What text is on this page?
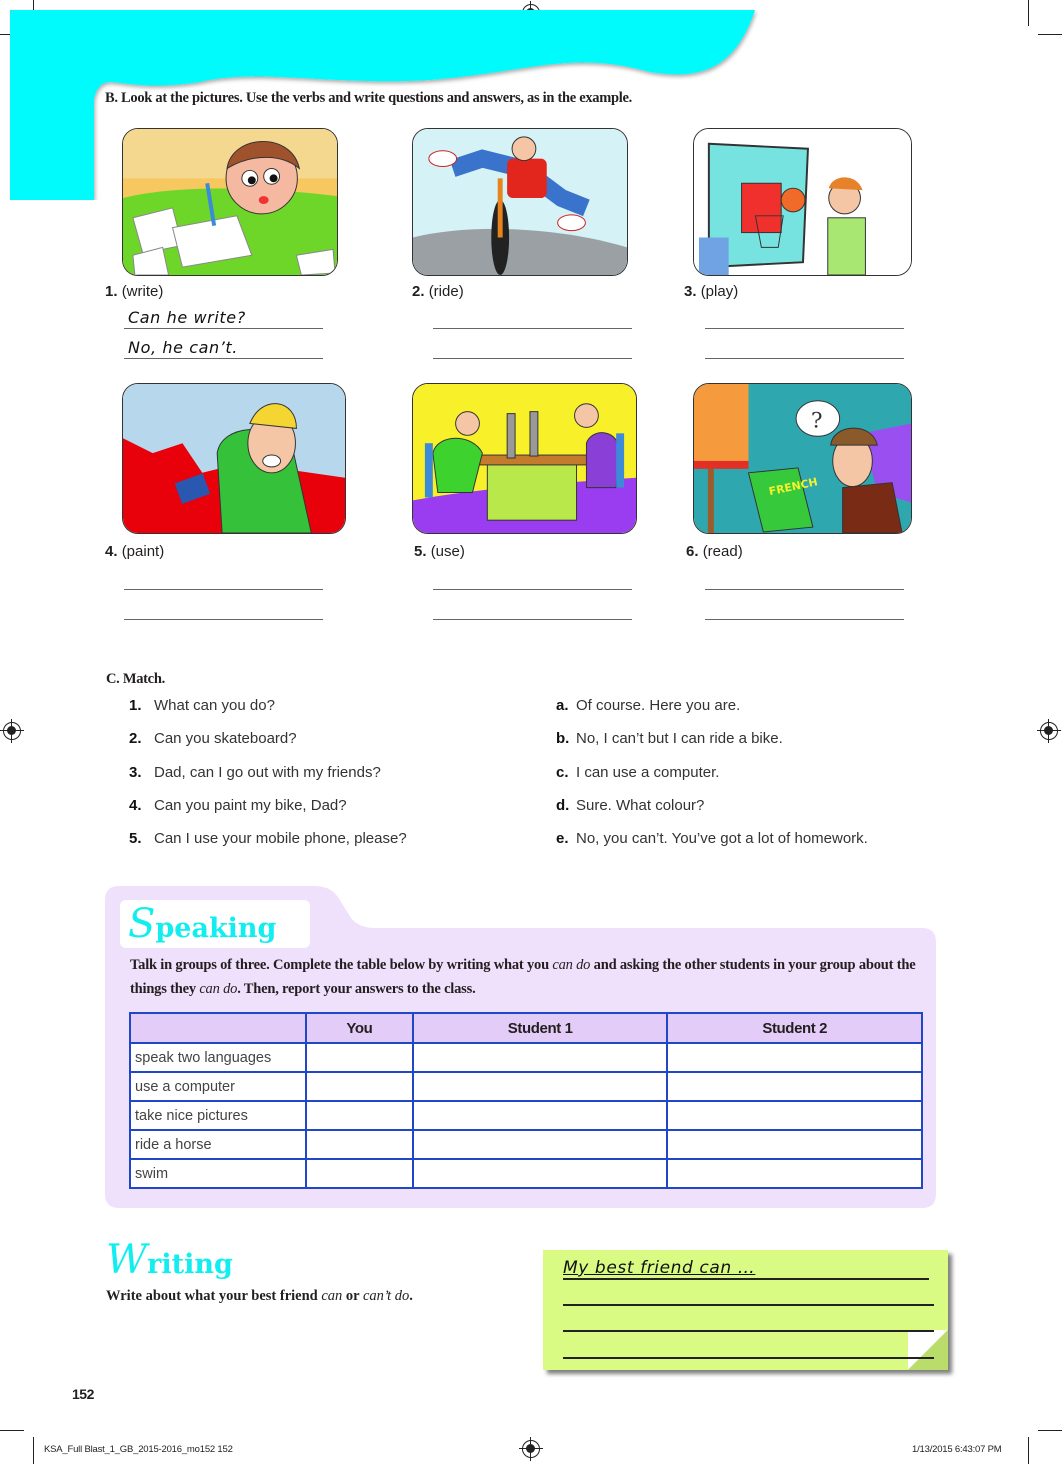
B. Look at the pictures. Use the verbs and write questions and answers, as in the example.
1. (write)	2. (ride)	3. (play)
Can he write?
No, he can’t.
?
FRENCH
4. (paint)	5. (use)	6. (read)
C. Match.
1. What can you do?
2. Can you skateboard?
3. Dad, can I go out with my friends?
4. Can you paint my bike, Dad?
5. Can I use your mobile phone, please?
a. Of course. Here you are.
b. No, I can’t but I can ride a bike.
c. I can use a computer.
d. Sure. What colour?
e. No, you can’t. You’ve got a lot of homework.
Speaking
Talk in groups of three. Complete the table below by writing what you can do and asking the other students in your group about the things they can do. Then, report your answers to the class.
	You	Student 1	Student 2
speak two languages			
use a computer			
take nice pictures			
ride a horse			
swim			
Writing
Write about what your best friend can or can’t do.
My best friend can …
152
KSA_Full Blast_1_GB_2015-2016_mo152 152	1/13/2015 6:43:07 PM
